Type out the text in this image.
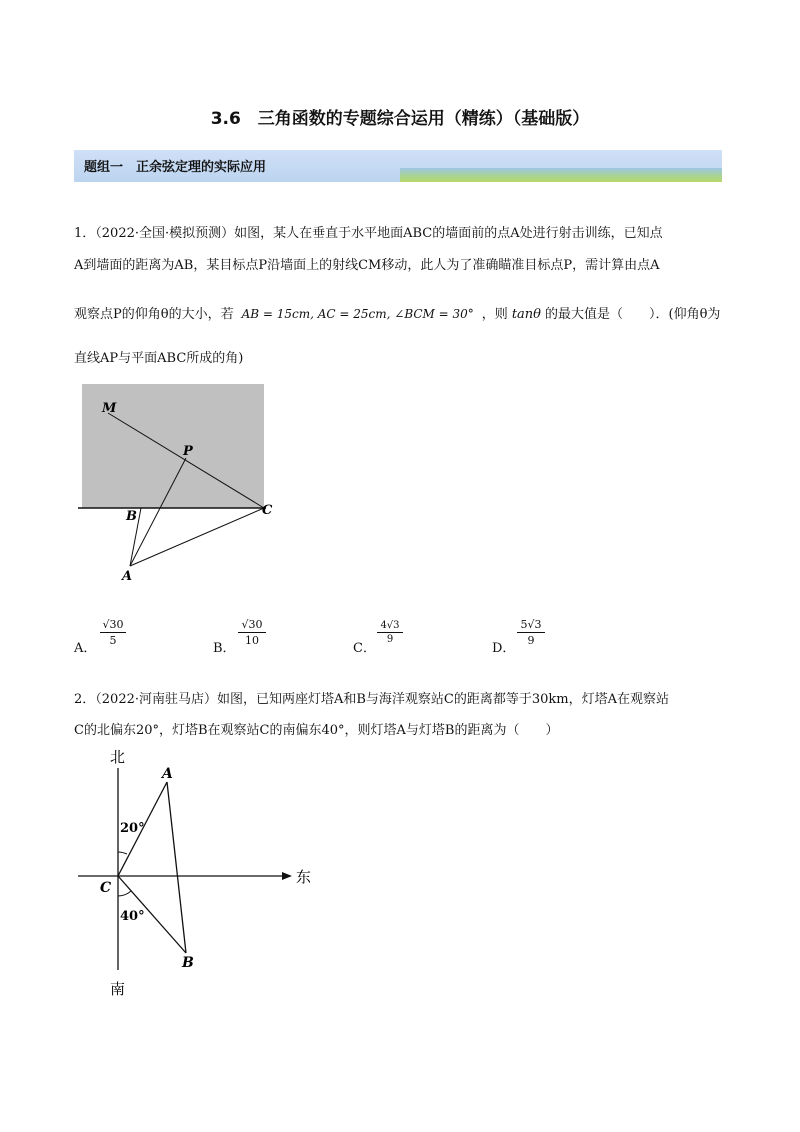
3.6　三角函数的专题综合运用（精练）（基础版）
题组一　正余弦定理的实际应用
1．（2022·全国·模拟预测）如图，某人在垂直于水平地面ABC的墙面前的点A处进行射击训练，已知点
A到墙面的距离为AB，某目标点P沿墙面上的射线CM移动，此人为了准确瞄准目标点P，需计算由点A
观察点P的仰角θ的大小，若 AB = 15cm, AC = 25cm, ∠BCM = 30° ，则 tanθ 的最大值是（　　）．(仰角θ为
直线AP与平面ABC所成的角)
M
P
B	C
A
A．
√30
5
B．
√30
10
C．
4√3
9
D．
5√3
9
2．（2022·河南驻马店）如图，已知两座灯塔A和B与海洋观察站C的距离都等于30km，灯塔A在观察站
C的北偏东20°，灯塔B在观察站C的南偏东40°，则灯塔A与灯塔B的距离为（　　）
北
南
东
A
B
C
20°
40°
